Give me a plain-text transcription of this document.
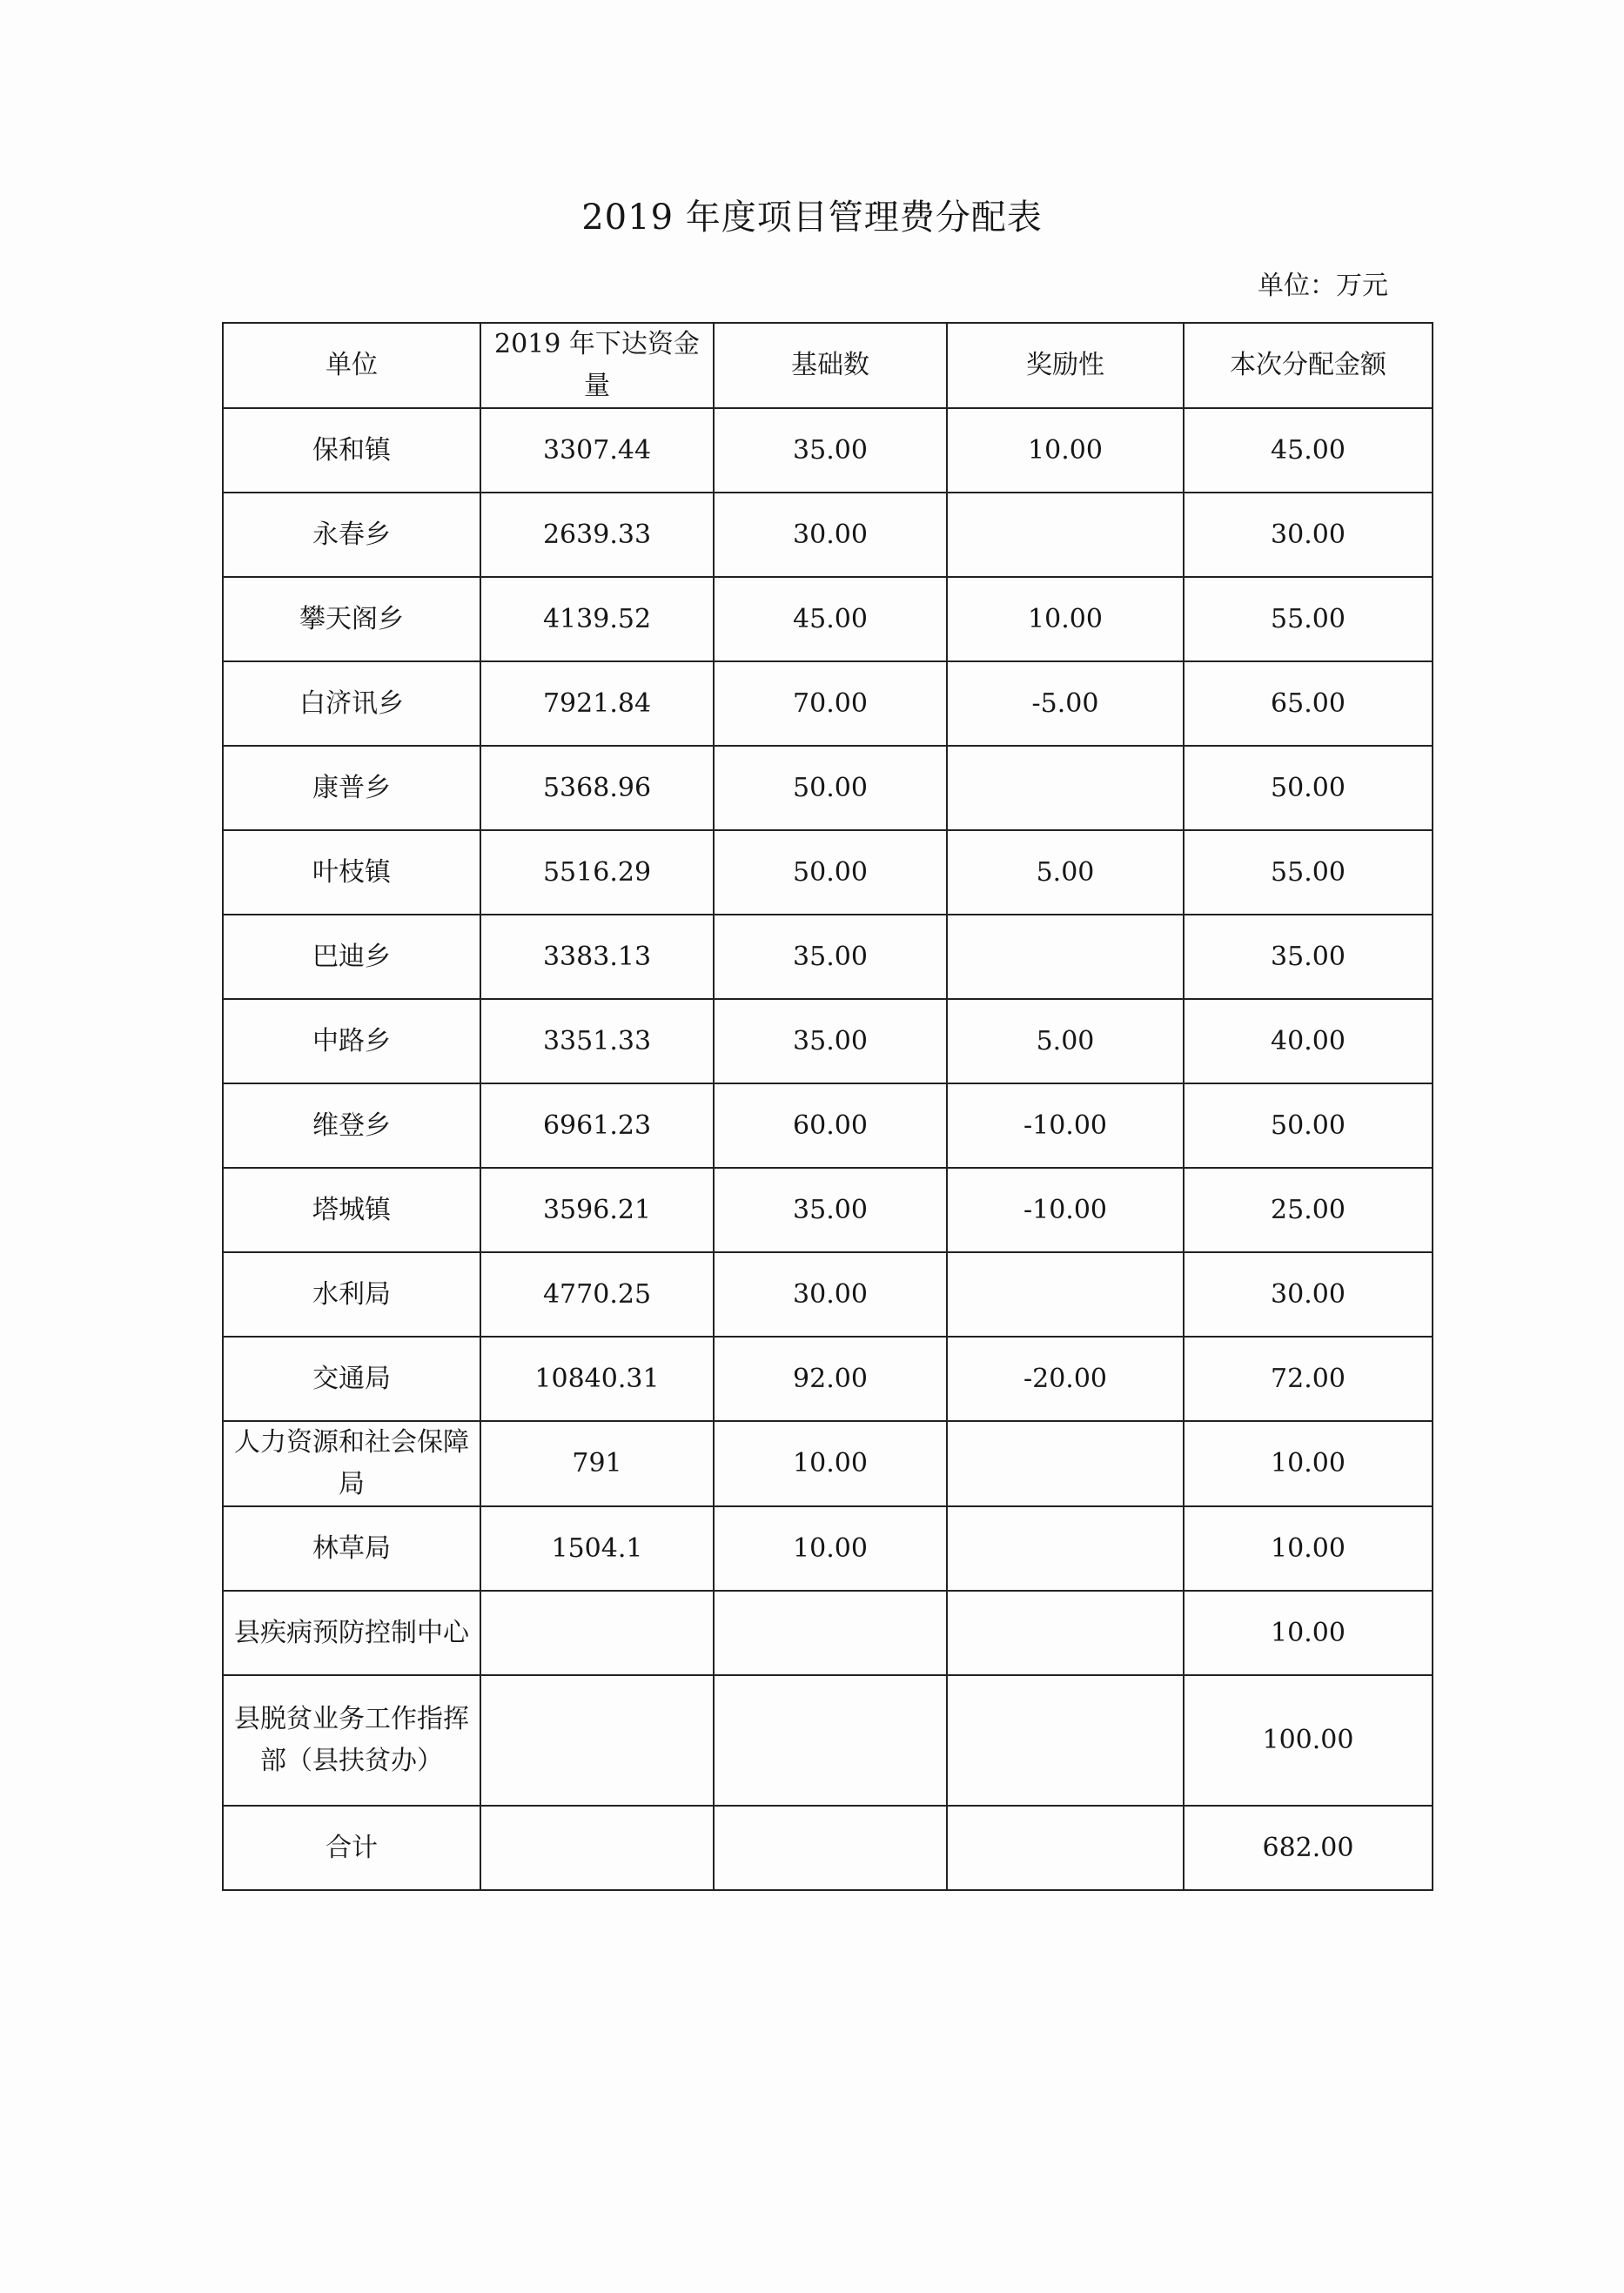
2019 年度项目管理费分配表
单位：万元
单位	2019 年下达资金量	基础数	奖励性	本次分配金额
保和镇	3307.44	35.00	10.00	45.00
永春乡	2639.33	30.00		30.00
攀天阁乡	4139.52	45.00	10.00	55.00
白济讯乡	7921.84	70.00	-5.00	65.00
康普乡	5368.96	50.00		50.00
叶枝镇	5516.29	50.00	5.00	55.00
巴迪乡	3383.13	35.00		35.00
中路乡	3351.33	35.00	5.00	40.00
维登乡	6961.23	60.00	-10.00	50.00
塔城镇	3596.21	35.00	-10.00	25.00
水利局	4770.25	30.00		30.00
交通局	10840.31	92.00	-20.00	72.00
人力资源和社会保障局	791	10.00		10.00
林草局	1504.1	10.00		10.00
县疾病预防控制中心				10.00
县脱贫业务工作指挥部（县扶贫办）				100.00
合计				682.00
